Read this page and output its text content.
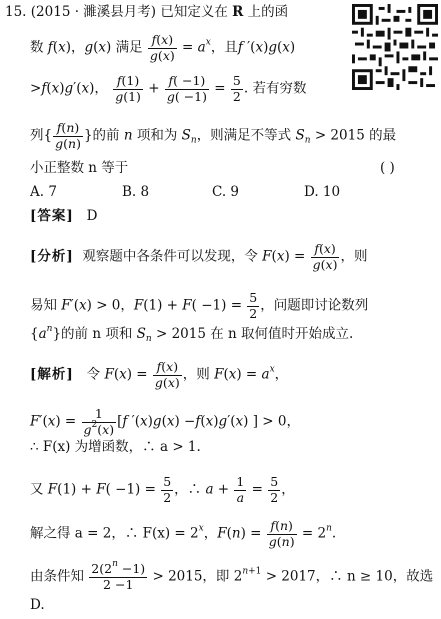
15. (2015 · 濉溪县月考) 已知定义在 R 上的函
数 f(x)，g(x) 满足 $\frac{f(x)}{g(x)} = a^x$，且f ′(x)g(x)
>f(x)g′(x)， $\frac{f(1)}{g(1)} + \frac{f( -1)}{g( -1)} = \frac{5}{2}$ . 若有穷数
列{ $\frac{f(n)}{g(n)}$ }的前 n 项和为 $S_n$，则满足不等式 $S_n > 2015$ 的最
小正整数 n 等于	( )
A. 7	B. 8	C. 9	D. 10
[答案] D
[分析] 观察题中各条件可以发现，令 $F(x) = \frac{f(x)}{g(x)}$ ，则
易知 F′(x) > 0，$F(1) + F( -1) = \frac{5}{2}$ ，问题即讨论数列
$\{a^n\}$的前 n 项和 $S_n > 2015$ 在 n 取何值时开始成立.
[解析] 令 $F(x) = \frac{f(x)}{g(x)}$ ，则 $F(x) = a^x$，
$F'(x) = \frac{1}{g^2(x)} [f$ ′(x)g(x) −f(x)g′(x) ] > 0，
∴ F(x) 为增函数，∴ a > 1.
又 $F(1) + F( -1) = \frac{5}{2}$ ，∴ $a + \frac{1}{a} = \frac{5}{2}$ ，
解之得 a = 2，∴ $F(x) = 2^x$，$F(n) = \frac{f(n)}{g(n)} = 2^n$.
由条件知 $\frac{2(2^n -1)}{2 -1} > 2015$，即 $2^{n+1} > 2017$，∴ n ≥ 10，故选
D.
